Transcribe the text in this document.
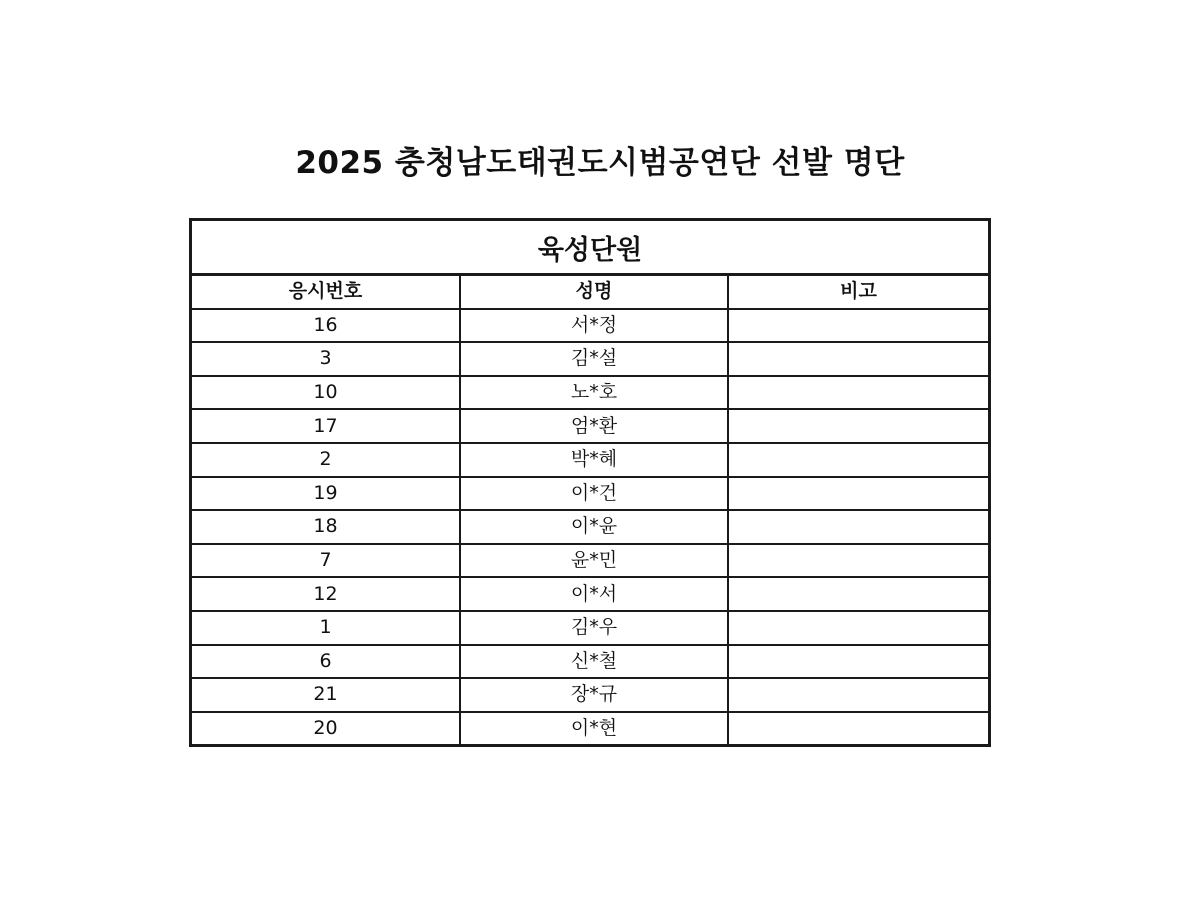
2025 충청남도태권도시범공연단 선발 명단
육성단원
응시번호	성명	비고
16	서*정	
3	김*설	
10	노*호	
17	엄*환	
2	박*혜	
19	이*건	
18	이*윤	
7	윤*민	
12	이*서	
1	김*우	
6	신*철	
21	장*규	
20	이*현	
